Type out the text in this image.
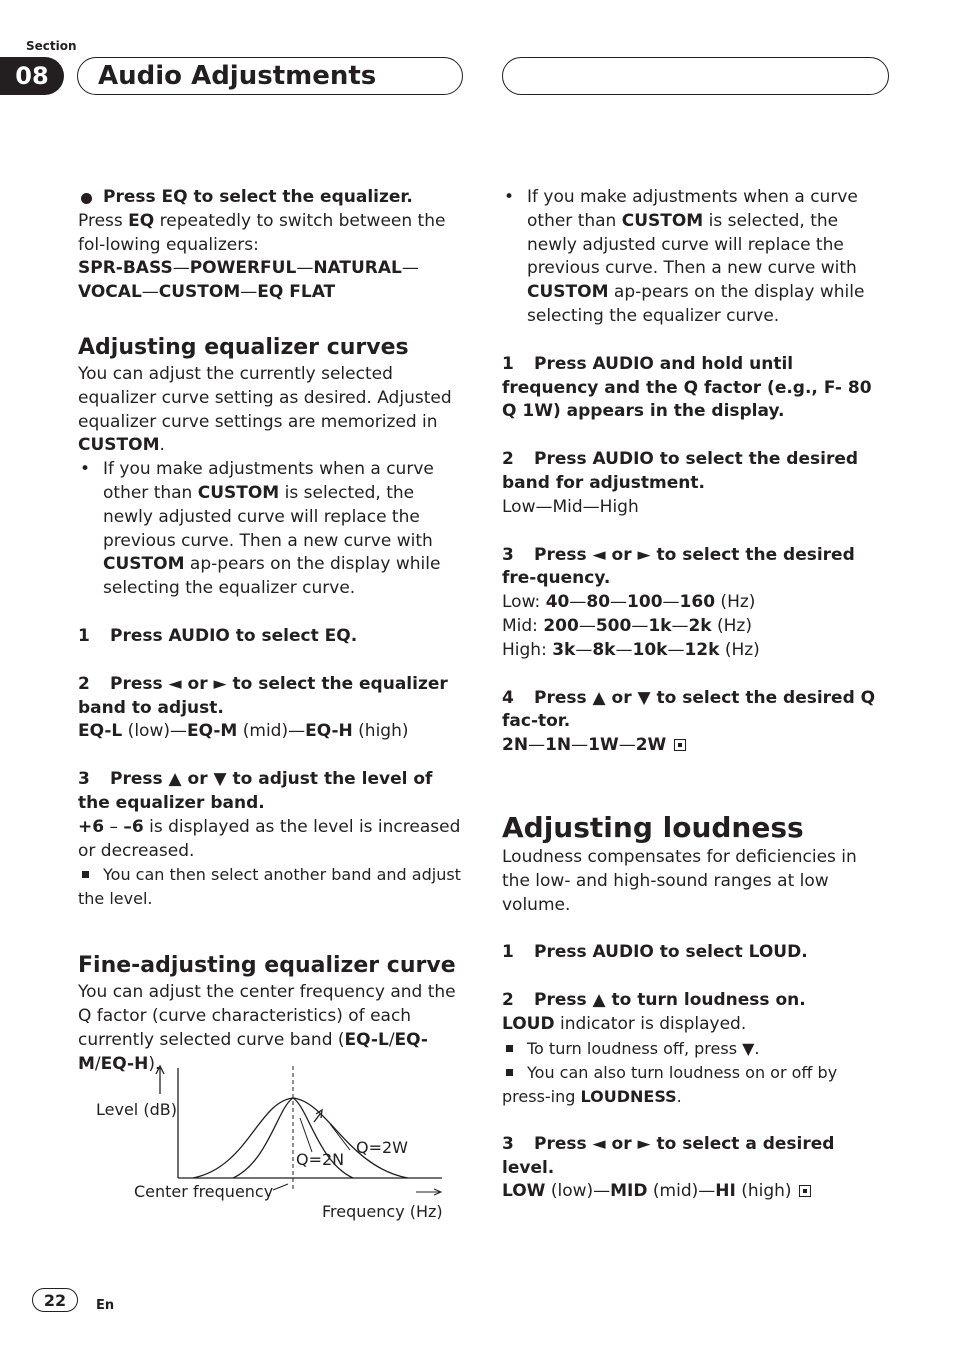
Section
08	Audio Adjustments

Press EQ to select the equalizer.

Press EQ repeatedly to switch between the fol-lowing equalizers:

SPR-BASS—POWERFUL—NATURAL—
VOCAL—CUSTOM—EQ FLAT

Adjusting equalizer curves

You can adjust the currently selected equalizer curve setting as desired. Adjusted equalizer curve settings are memorized in CUSTOM.

• If you make adjustments when a curve other than CUSTOM is selected, the newly adjusted curve will replace the previous curve. Then a new curve with CUSTOM ap-pears on the display while selecting the equalizer curve.

1 Press AUDIO to select EQ.

2 Press ◄ or ► to select the equalizer band to adjust.

EQ-L (low)—EQ-M (mid)—EQ-H (high)

3 Press ▲ or ▼ to adjust the level of the equalizer band.

+6 – –6 is displayed as the level is increased or decreased.

You can then select another band and adjust the level.

Fine-adjusting equalizer curve

You can adjust the center frequency and the Q factor (curve characteristics) of each currently selected curve band (EQ-L/EQ-M/EQ-H).

Level (dB)
Q=2W
Q=2N
Center frequency
Frequency (Hz)

• If you make adjustments when a curve other than CUSTOM is selected, the newly adjusted curve will replace the previous curve. Then a new curve with CUSTOM ap-pears on the display while selecting the equalizer curve.

1 Press AUDIO and hold until frequency and the Q factor (e.g., F- 80 Q 1W) appears in the display.

2 Press AUDIO to select the desired band for adjustment.

Low—Mid—High

3 Press ◄ or ► to select the desired fre-quency.

Low: 40—80—100—160 (Hz)

Mid: 200—500—1k—2k (Hz)

High: 3k—8k—10k—12k (Hz)

4 Press ▲ or ▼ to select the desired Q fac-tor.

2N—1N—1W—2W

Adjusting loudness

Loudness compensates for deficiencies in the low- and high-sound ranges at low volume.

1 Press AUDIO to select LOUD.

2 Press ▲ to turn loudness on.

LOUD indicator is displayed.

To turn loudness off, press ▼.

You can also turn loudness on or off by press-ing LOUDNESS.

3 Press ◄ or ► to select a desired level.

LOW (low)—MID (mid)—HI (high)

22	En
